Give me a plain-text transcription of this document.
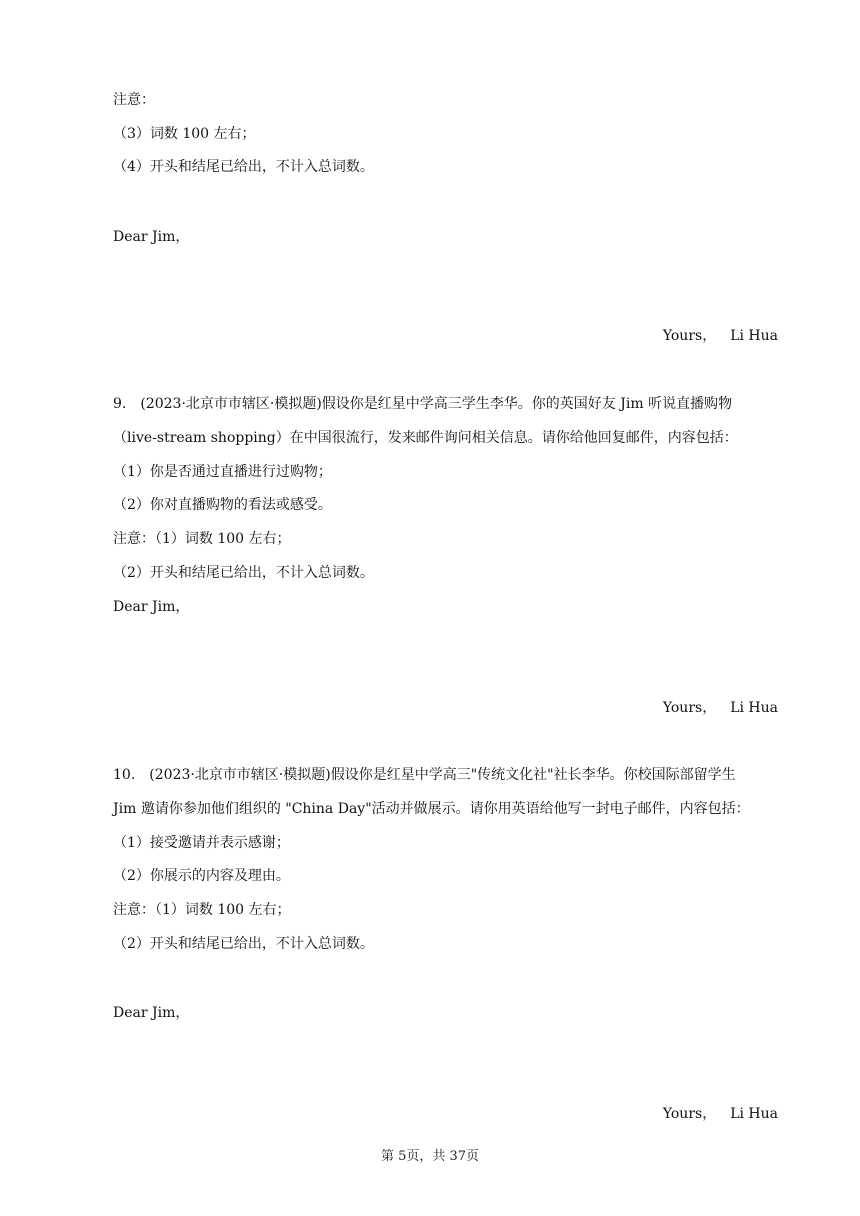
注意：
（3）词数 100 左右；
（4）开头和结尾已给出，不计入总词数。
Dear Jim，
Yours， Li Hua
9. (2023·北京市市辖区·模拟题)假设你是红星中学高三学生李华。你的英国好友 Jim 听说直播购物
（live-stream shopping）在中国很流行，发来邮件询问相关信息。请你给他回复邮件，内容包括：
（1）你是否通过直播进行过购物；
（2）你对直播购物的看法或感受。
注意：（1）词数 100 左右；
（2）开头和结尾已给出，不计入总词数。
Dear Jim，
Yours， Li Hua
10. (2023·北京市市辖区·模拟题)假设你是红星中学高三"传统文化社"社长李华。你校国际部留学生
Jim 邀请你参加他们组织的 "China Day"活动并做展示。请你用英语给他写一封电子邮件，内容包括：
（1）接受邀请并表示感谢；
（2）你展示的内容及理由。
注意：（1）词数 100 左右；
（2）开头和结尾已给出，不计入总词数。
Dear Jim，
Yours， Li Hua
第 5页，共 37页
